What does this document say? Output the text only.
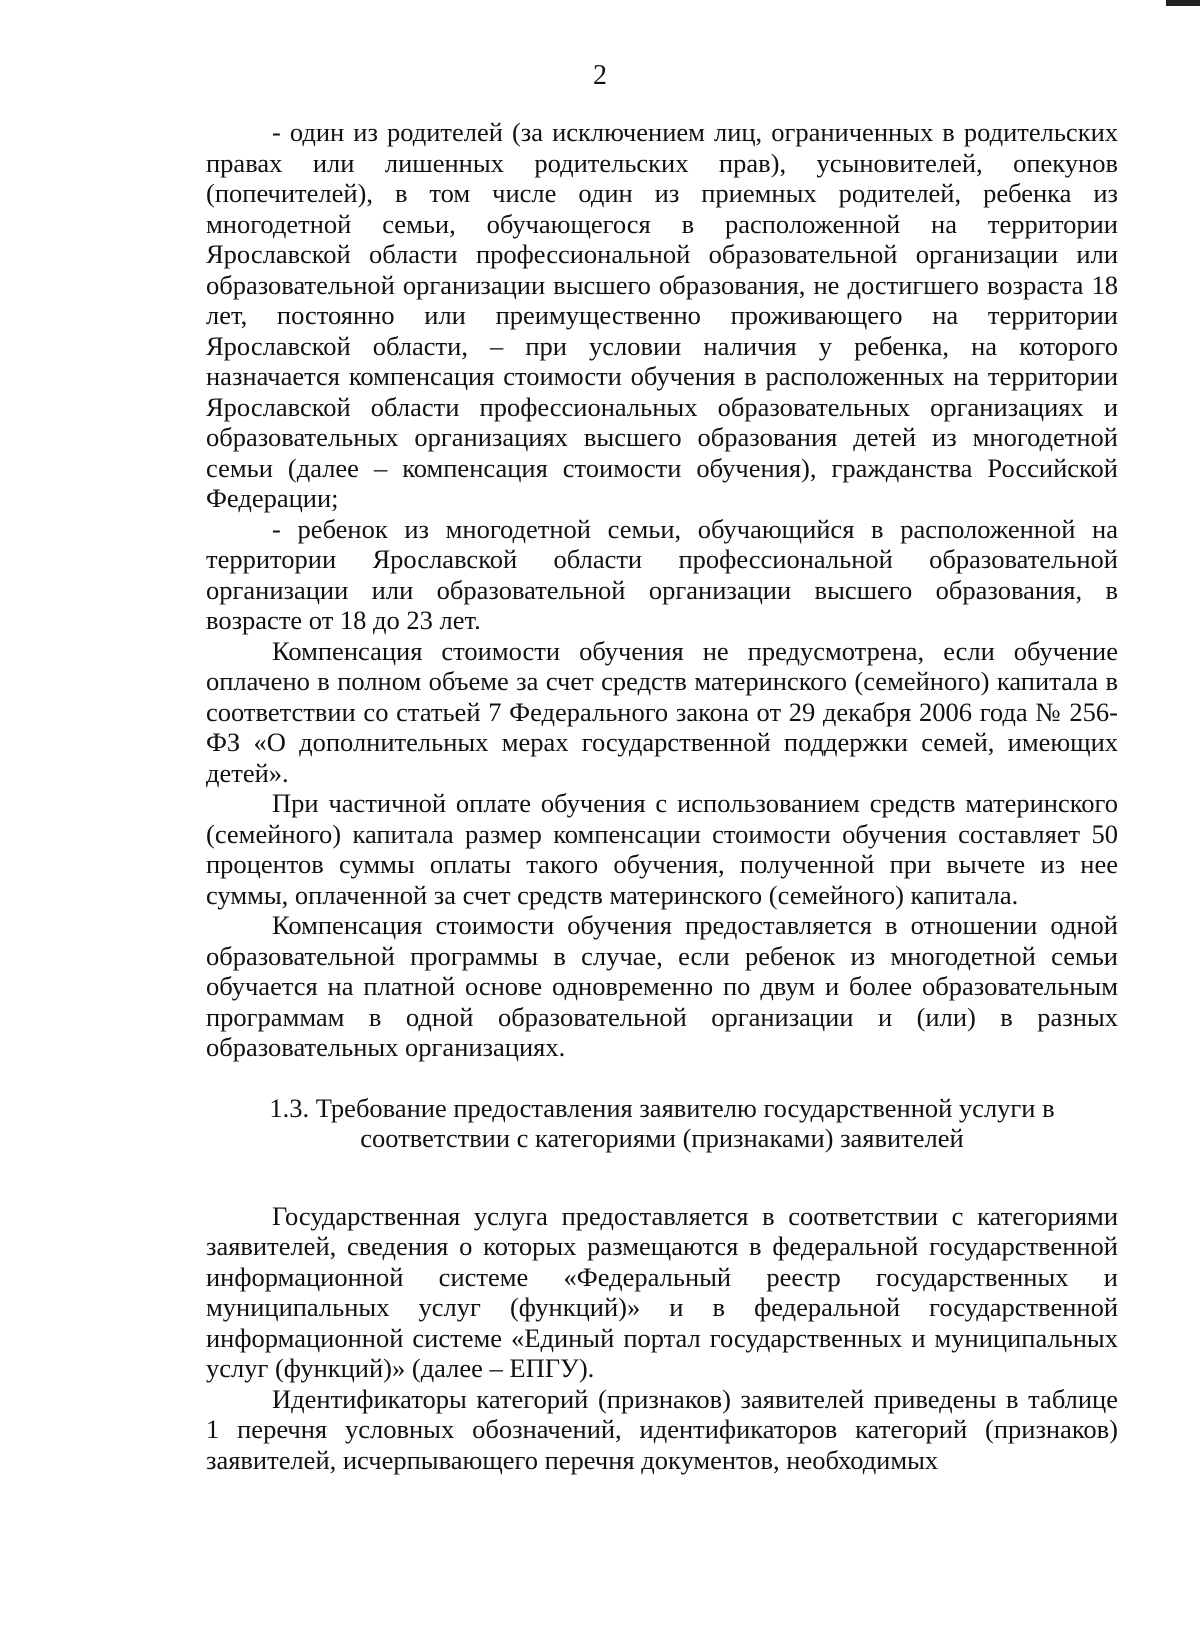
2

- один из родителей (за исключением лиц, ограниченных в родительских правах или лишенных родительских прав), усыновителей, опекунов (попечителей), в том числе один из приемных родителей, ребенка из многодетной семьи, обучающегося в расположенной на территории Ярославской области профессиональной образовательной организации или образовательной организации высшего образования, не достигшего возраста 18 лет, постоянно или преимущественно проживающего на территории Ярославской области, – при условии наличия у ребенка, на которого назначается компенсация стоимости обучения в расположенных на территории Ярославской области профессиональных образовательных организациях и образовательных организациях высшего образования детей из многодетной семьи (далее – компенсация стоимости обучения), гражданства Российской Федерации;

- ребенок из многодетной семьи, обучающийся в расположенной на территории Ярославской области профессиональной образовательной организации или образовательной организации высшего образования, в возрасте от 18 до 23 лет.

Компенсация стоимости обучения не предусмотрена, если обучение оплачено в полном объеме за счет средств материнского (семейного) капитала в соответствии со статьей 7 Федерального закона от 29 декабря 2006 года № 256-ФЗ «О дополнительных мерах государственной поддержки семей, имеющих детей».

При частичной оплате обучения с использованием средств материнского (семейного) капитала размер компенсации стоимости обучения составляет 50 процентов суммы оплаты такого обучения, полученной при вычете из нее суммы, оплаченной за счет средств материнского (семейного) капитала.

Компенсация стоимости обучения предоставляется в отношении одной образовательной программы в случае, если ребенок из многодетной семьи обучается на платной основе одновременно по двум и более образовательным программам в одной образовательной организации и (или) в разных образовательных организациях.

1.3. Требование предоставления заявителю государственной услуги в соответствии с категориями (признаками) заявителей

Государственная услуга предоставляется в соответствии с категориями заявителей, сведения о которых размещаются в федеральной государственной информационной системе «Федеральный реестр государственных и муниципальных услуг (функций)» и в федеральной государственной информационной системе «Единый портал государственных и муниципальных услуг (функций)» (далее – ЕПГУ).

Идентификаторы категорий (признаков) заявителей приведены в таблице 1 перечня условных обозначений, идентификаторов категорий (признаков) заявителей, исчерпывающего перечня документов, необходимых
